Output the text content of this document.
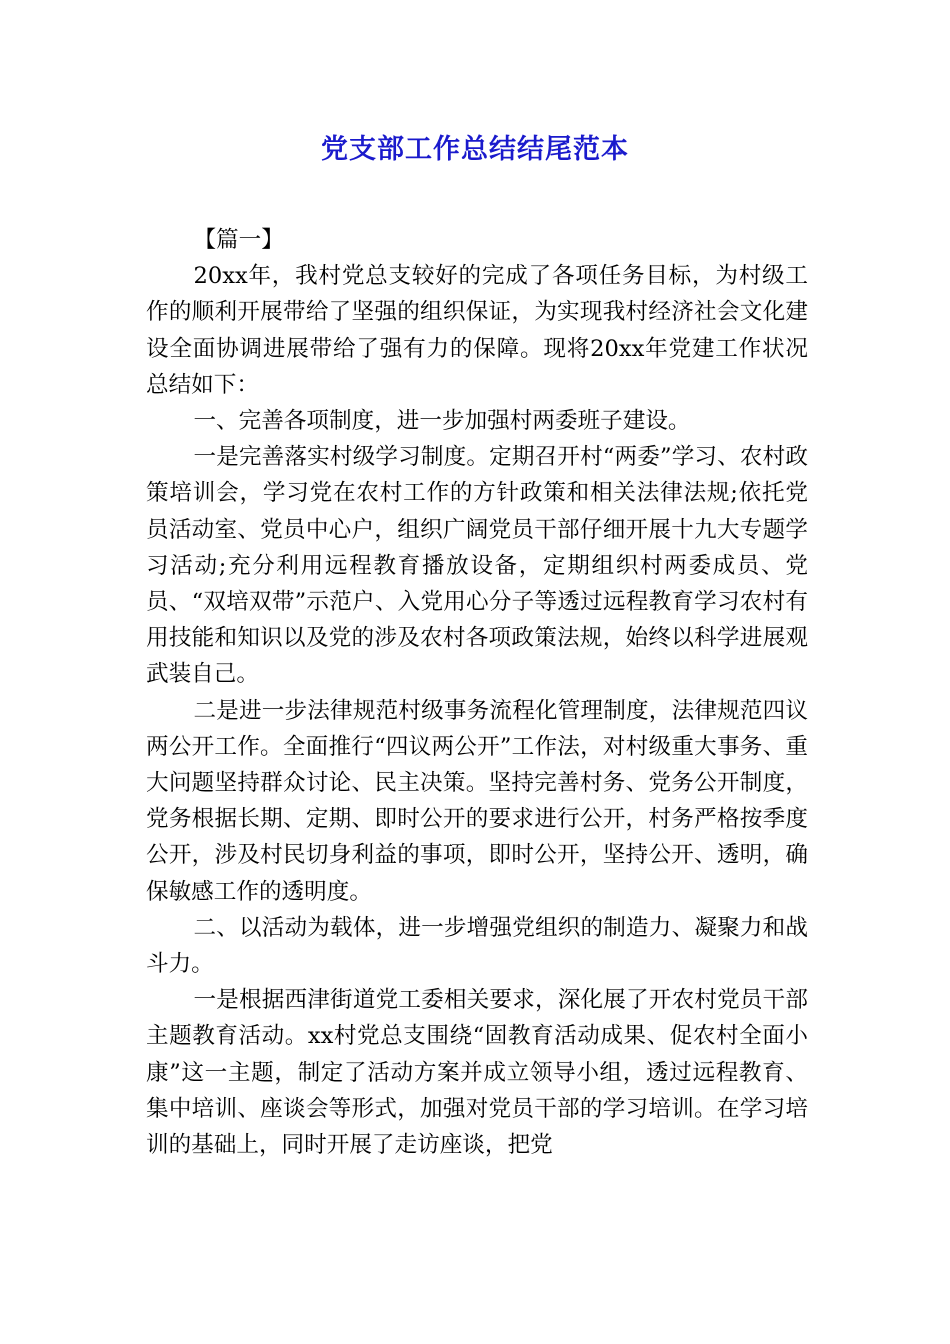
党支部工作总结结尾范本

【篇一】

20xx年，我村党总支较好的完成了各项任务目标，为村级工作的顺利开展带给了坚强的组织保证，为实现我村经济社会文化建设全面协调进展带给了强有力的保障。现将20xx年党建工作状况总结如下：

一、完善各项制度，进一步加强村两委班子建设。

一是完善落实村级学习制度。定期召开村“两委”学习、农村政策培训会，学习党在农村工作的方针政策和相关法律法规;依托党员活动室、党员中心户，组织广阔党员干部仔细开展十九大专题学习活动;充分利用远程教育播放设备，定期组织村两委成员、党员、“双培双带”示范户、入党用心分子等透过远程教育学习农村有用技能和知识以及党的涉及农村各项政策法规，始终以科学进展观武装自己。

二是进一步法律规范村级事务流程化管理制度，法律规范四议两公开工作。全面推行“四议两公开”工作法，对村级重大事务、重大问题坚持群众讨论、民主决策。坚持完善村务、党务公开制度，党务根据长期、定期、即时公开的要求进行公开，村务严格按季度公开，涉及村民切身利益的事项，即时公开，坚持公开、透明，确保敏感工作的透明度。

二、以活动为载体，进一步增强党组织的制造力、凝聚力和战斗力。

一是根据西津街道党工委相关要求，深化展了开农村党员干部主题教育活动。xx村党总支围绕“固教育活动成果、促农村全面小康”这一主题，制定了活动方案并成立领导小组，透过远程教育、集中培训、座谈会等形式，加强对党员干部的学习培训。在学习培训的基础上，同时开展了走访座谈，把党
